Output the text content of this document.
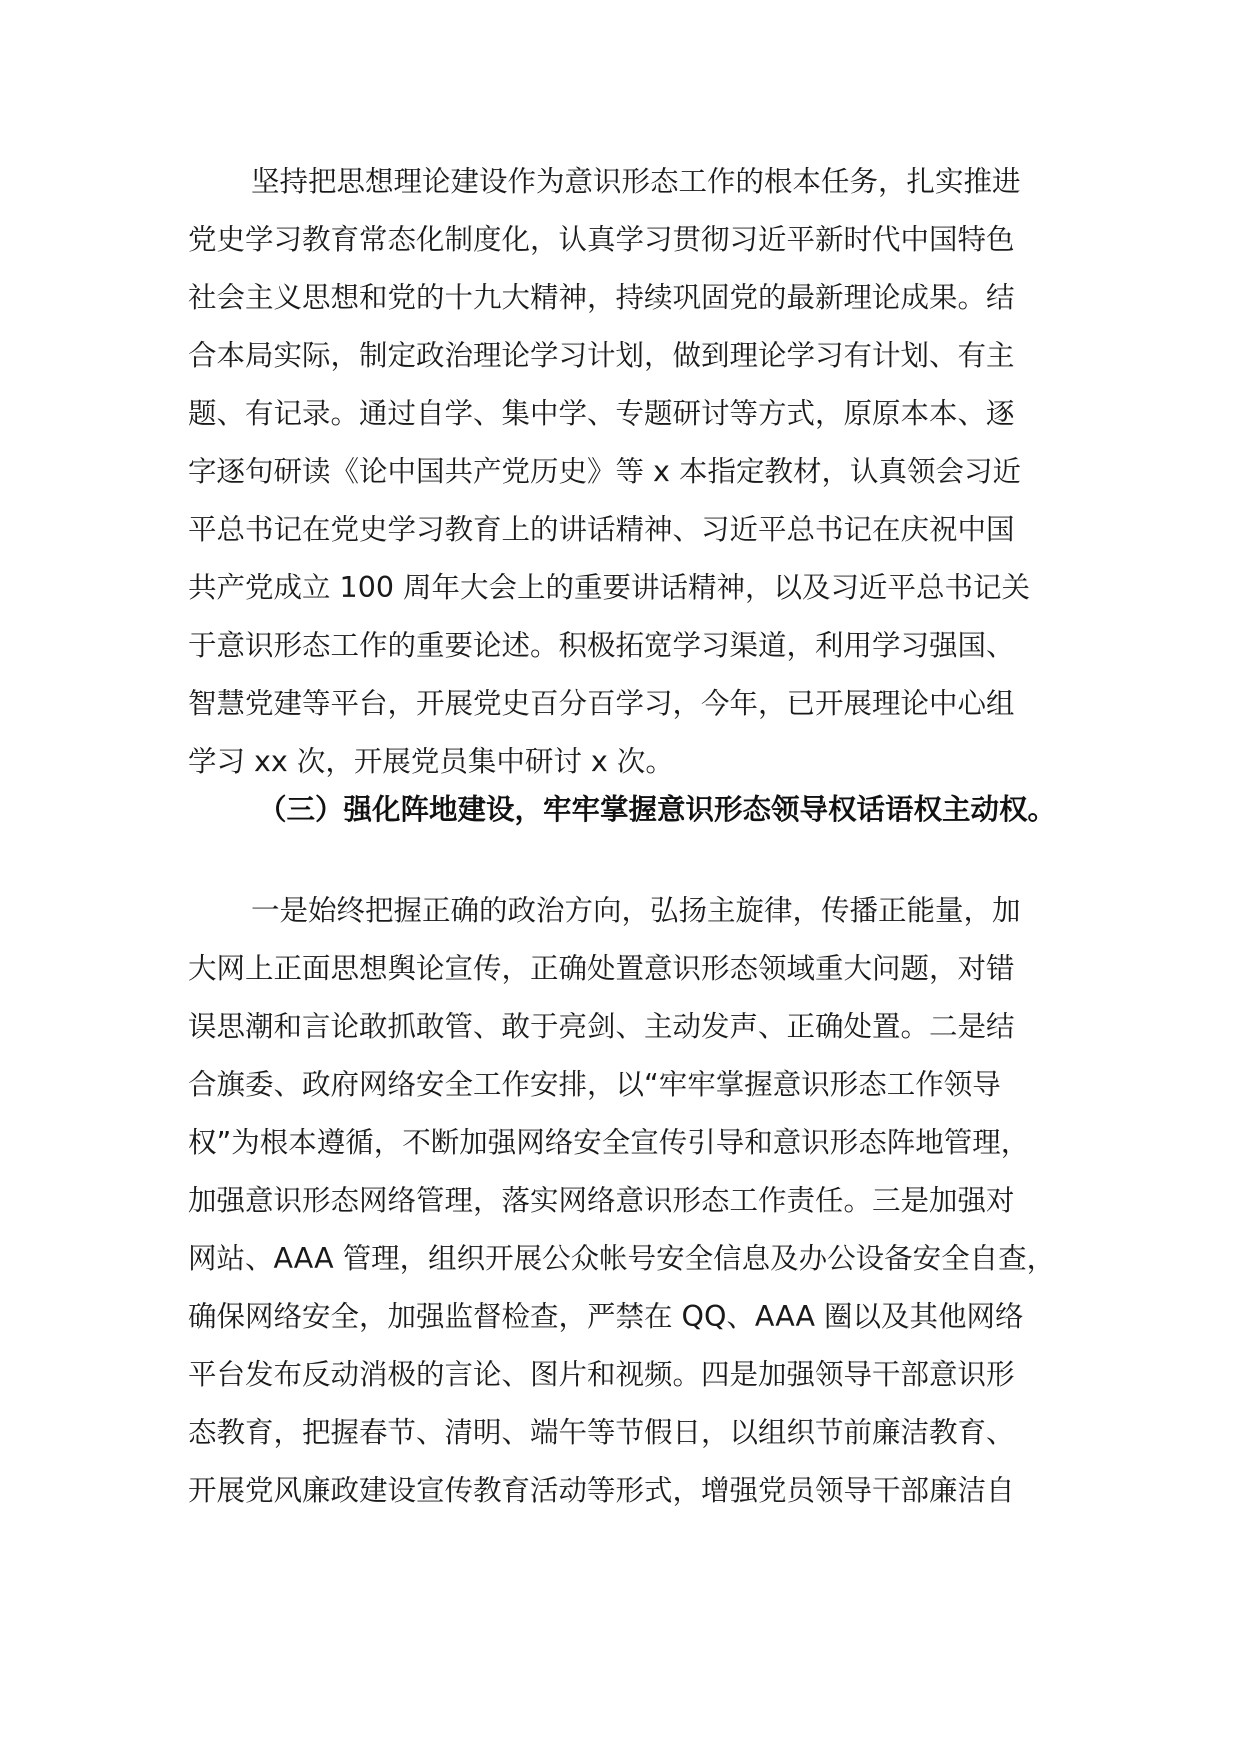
坚持把思想理论建设作为意识形态工作的根本任务，扎实推进
党史学习教育常态化制度化，认真学习贯彻习近平新时代中国特色
社会主义思想和党的十九大精神，持续巩固党的最新理论成果。结
合本局实际，制定政治理论学习计划，做到理论学习有计划、有主
题、有记录。通过自学、集中学、专题研讨等方式，原原本本、逐
字逐句研读《论中国共产党历史》等 x 本指定教材，认真领会习近
平总书记在党史学习教育上的讲话精神、习近平总书记在庆祝中国
共产党成立 100 周年大会上的重要讲话精神，以及习近平总书记关
于意识形态工作的重要论述。积极拓宽学习渠道，利用学习强国、
智慧党建等平台，开展党史百分百学习，今年，已开展理论中心组
学习 xx 次，开展党员集中研讨 x 次。
（三）强化阵地建设，牢牢掌握意识形态领导权话语权主动权。
一是始终把握正确的政治方向，弘扬主旋律，传播正能量，加
大网上正面思想舆论宣传，正确处置意识形态领域重大问题，对错
误思潮和言论敢抓敢管、敢于亮剑、主动发声、正确处置。二是结
合旗委、政府网络安全工作安排，以“牢牢掌握意识形态工作领导
权”为根本遵循，不断加强网络安全宣传引导和意识形态阵地管理，
加强意识形态网络管理，落实网络意识形态工作责任。三是加强对
网站、AAA 管理，组织开展公众帐号安全信息及办公设备安全自查，
确保网络安全，加强监督检查，严禁在 QQ、AAA 圈以及其他网络
平台发布反动消极的言论、图片和视频。四是加强领导干部意识形
态教育，把握春节、清明、端午等节假日，以组织节前廉洁教育、
开展党风廉政建设宣传教育活动等形式，增强党员领导干部廉洁自
